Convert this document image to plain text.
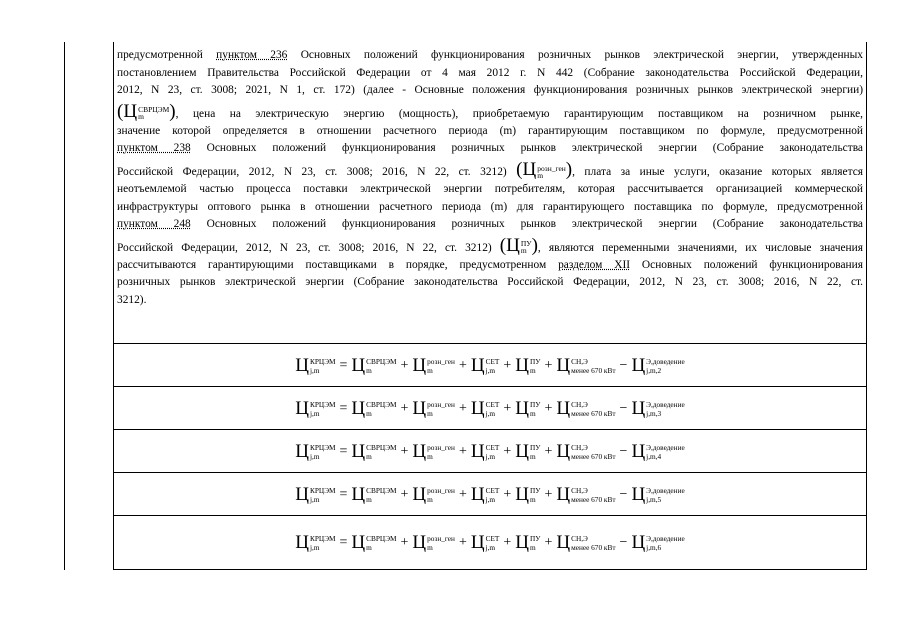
предусмотренной пунктом 236 Основных положений функционирования розничных рынков электрической энергии, утвержденных
постановлением Правительства Российской Федерации от 4 мая 2012 г. N 442 (Собрание законодательства Российской Федерации,
2012, N 23, ст. 3008; 2021, N 1, ст. 172) (далее - Основные положения функционирования розничных рынков электрической энергии)
(Ц СВРЦЭМ
m	), цена на электрическую энергию (мощность), приобретаемую гарантирующим поставщиком на розничном рынке,
значение которой определяется в отношении расчетного периода (m) гарантирующим поставщиком по формуле, предусмотренной
пунктом 238 Основных положений функционирования розничных рынков электрической энергии (Собрание законодательства
Российской Федерации, 2012, N 23, ст. 3008; 2016, N 22, ст. 3212) (Ц розн_ген
m	), плата за иные услуги, оказание которых является
неотъемлемой частью процесса поставки электрической энергии потребителям, которая рассчитывается организацией коммерческой
инфраструктуры оптового рынка в отношении расчетного периода (m) для гарантирующего поставщика по формуле, предусмотренной
пунктом 248 Основных положений функционирования розничных рынков электрической энергии (Собрание законодательства
Российской Федерации, 2012, N 23, ст. 3008; 2016, N 22, ст. 3212) (Ц ПУ
m ), являются переменными значениями, их числовые значения
рассчитываются гарантирующими поставщиками в порядке, предусмотренном разделом XII Основных положений функционирования
розничных рынков электрической энергии (Собрание законодательства Российской Федерации, 2012, N 23, ст. 3008; 2016, N 22, ст.
3212).
Ц КРЦЭМ
j,m	= Ц СВРЦЭМ
m	+ Ц розн_ген
m	+ Ц СЕТ
j,m + Ц ПУ
m + Ц СН,Э
менее 670 кВт − Ц Э,доведение
j,m,2
Ц КРЦЭМ
j,m	= Ц СВРЦЭМ
m	+ Ц розн_ген
m	+ Ц СЕТ
j,m + Ц ПУ
m + Ц СН,Э
менее 670 кВт − Ц Э,доведение
j,m,3
Ц КРЦЭМ
j,m	= Ц СВРЦЭМ
m	+ Ц розн_ген
m	+ Ц СЕТ
j,m + Ц ПУ
m + Ц СН,Э
менее 670 кВт − Ц Э,доведение
j,m,4
Ц КРЦЭМ
j,m	= Ц СВРЦЭМ
m	+ Ц розн_ген
m	+ Ц СЕТ
j,m + Ц ПУ
m + Ц СН,Э
менее 670 кВт − Ц Э,доведение
j,m,5
Ц КРЦЭМ
j,m	= Ц СВРЦЭМ
m	+ Ц розн_ген
m	+ Ц СЕТ
j,m + Ц ПУ
m + Ц СН,Э
менее 670 кВт − Ц Э,доведение
j,m,6
